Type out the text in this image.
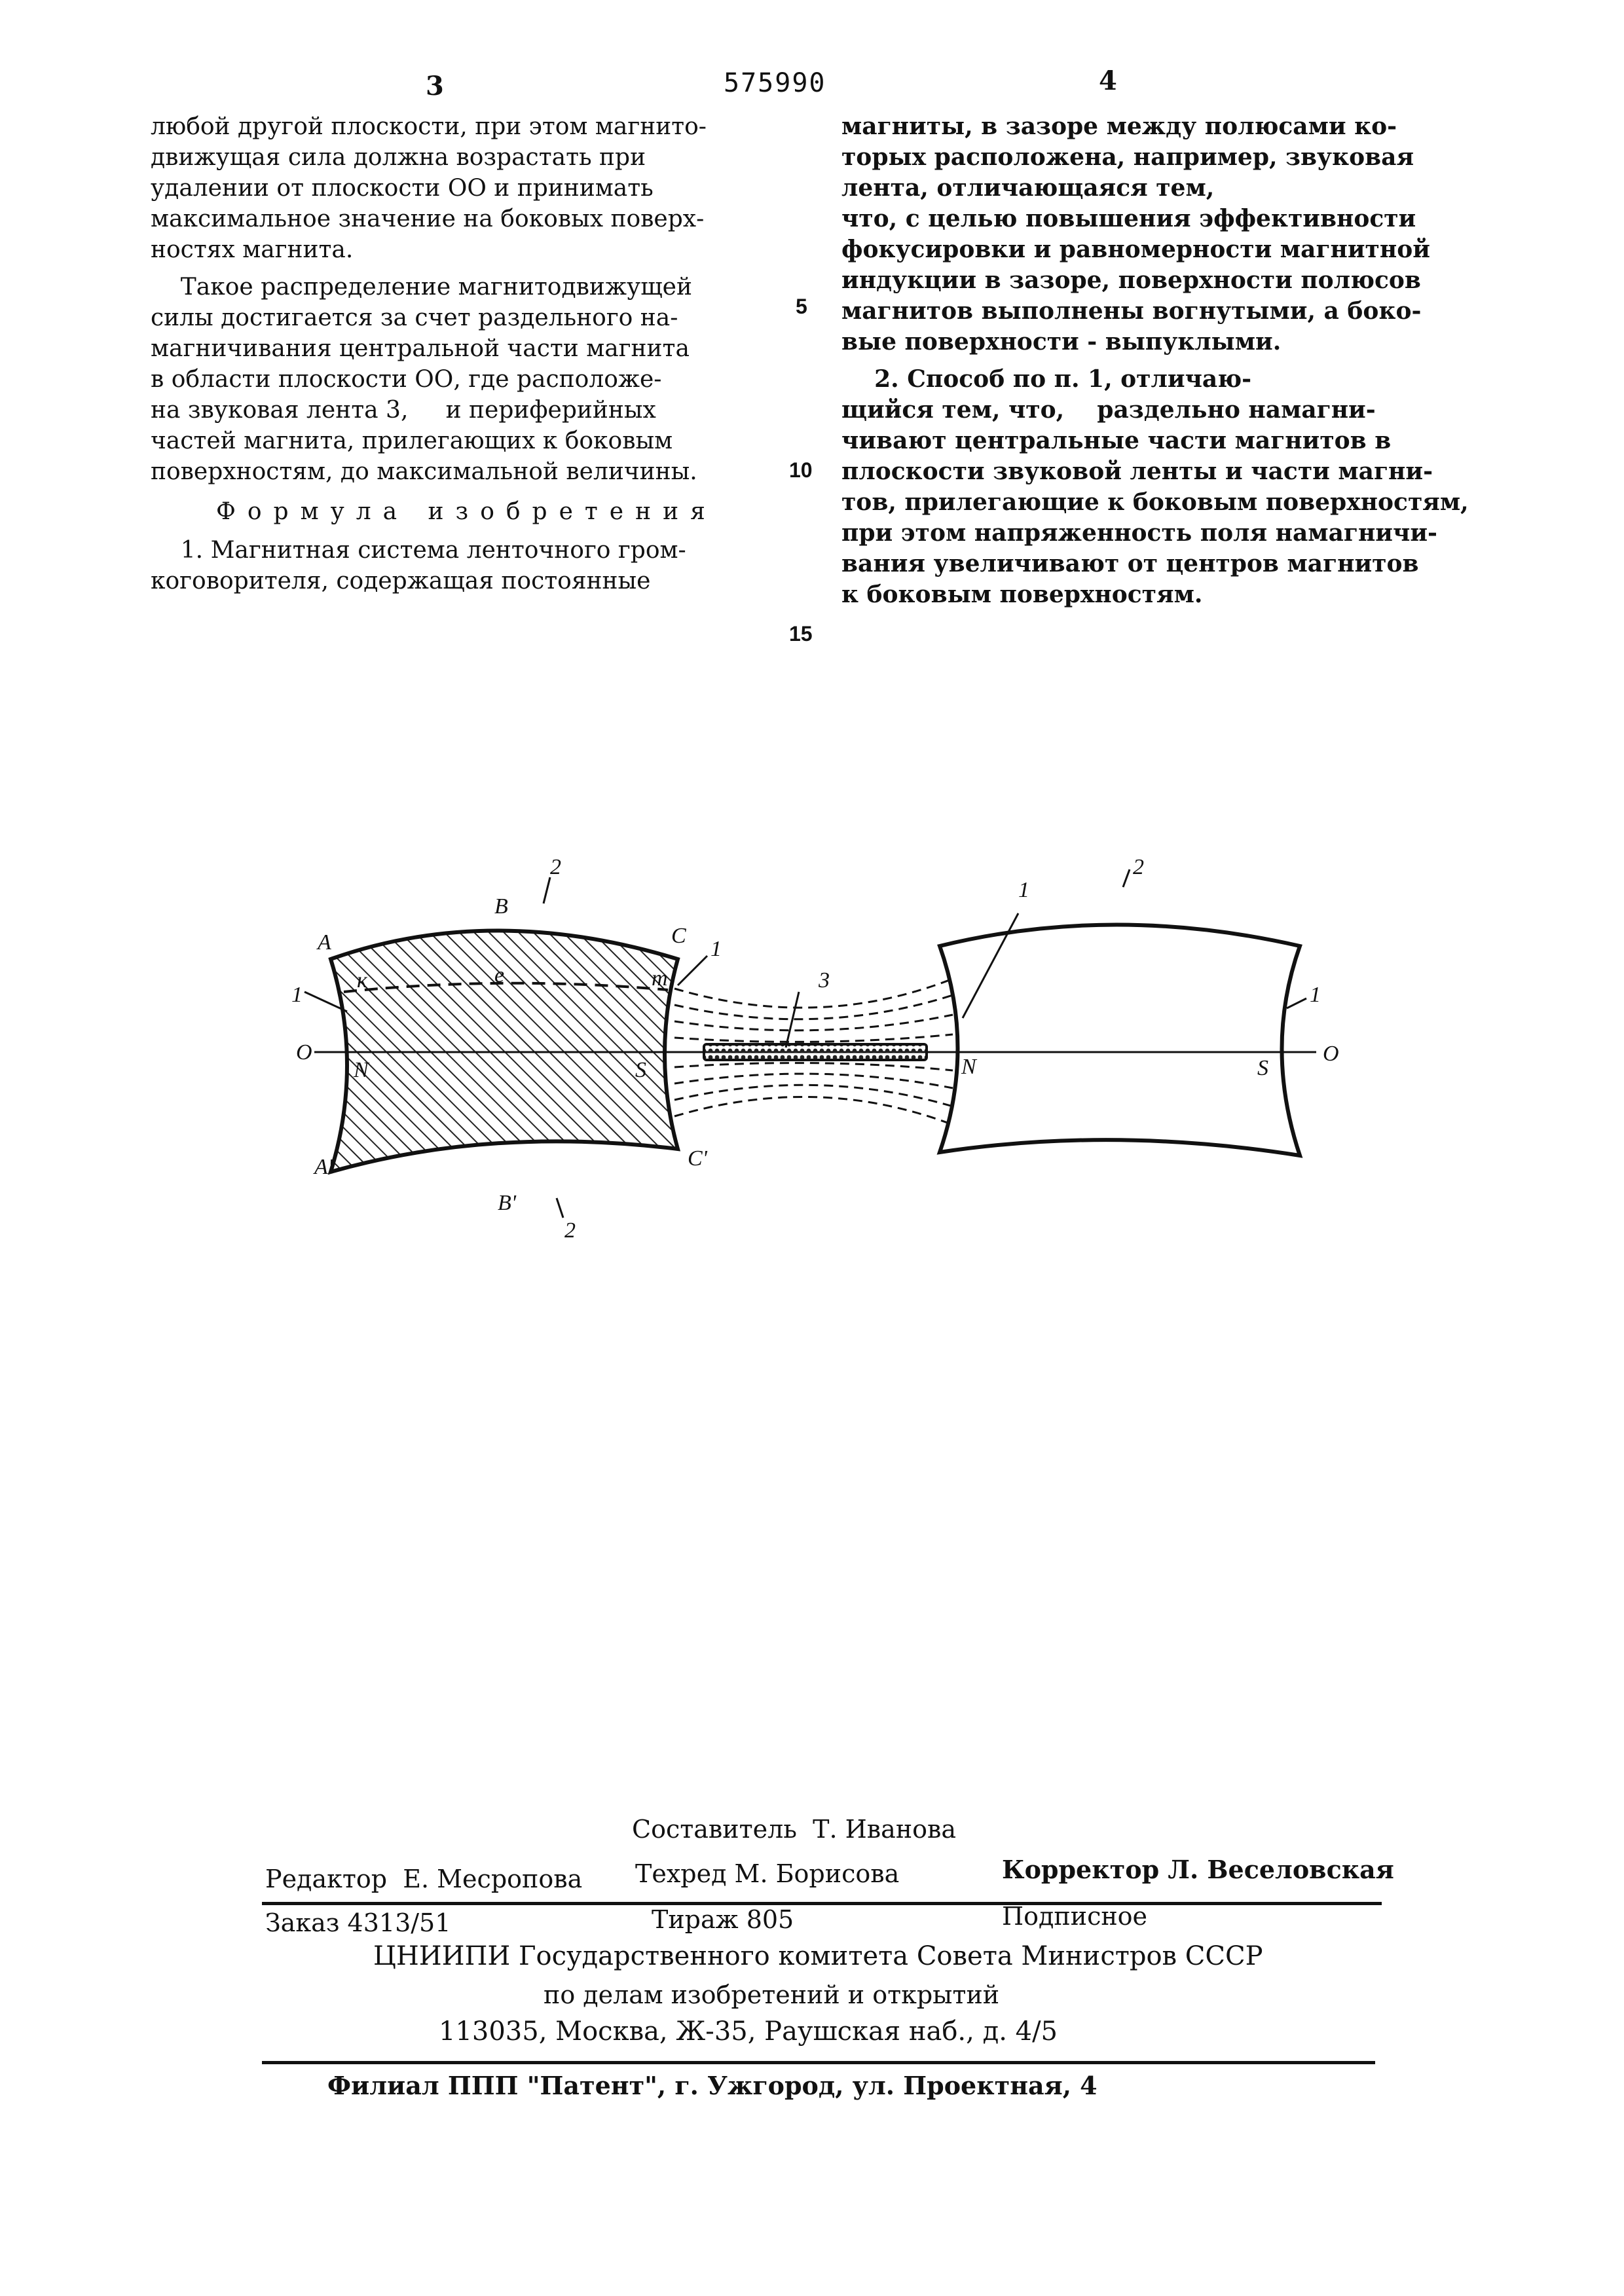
3	575990	4

любой другой плоскости, при этом магнито-

движущая сила должна возрастать при

удалении от плоскости ОО и принимать

максимальное значение на боковых поверх-

ностях магнита.

Такое распределение магнитодвижущей

силы достигается за счет раздельного на-

магничивания центральной части магнита

в области плоскости ОО, где расположе-

на звуковая лента 3,     и периферийных

частей магнита, прилегающих к боковым

поверхностям, до максимальной величины.

Формула изобретения

1. Магнитная система ленточного гром-

коговорителя, содержащая постоянные

5
10
15

магниты, в зазоре между полюсами ко-

торых расположена, например, звуковая

лента, отличающаяся тем,

что, с целью повышения эффективности

фокусировки и равномерности магнитной

индукции в зазоре, поверхности полюсов

магнитов выполнены вогнутыми, а боко-

вые поверхности - выпуклыми.

2. Способ по п. 1, отличаю-

щийся тем, что,    раздельно намагни-

чивают центральные части магнитов в

плоскости звуковой ленты и части магни-

тов, прилегающие к боковым поверхностям,

при этом напряженность поля намагничи-

вания увеличивают от центров магнитов

к боковым поверхностям.

A
B
2
C
1
к	e	m
1
O
N	S
3
A'	C'
B'
2
1
2
N	S
1
O
Составитель  Т. Иванова
Редактор  Е. Месропова Техред М. Борисова	Корректор Л. Веселовская
Заказ 4313/51	Тираж 805	Подписное
ЦНИИПИ Государственного комитета Совета Министров СССР
по делам изобретений и открытий
113035, Москва, Ж-35, Раушская наб., д. 4/5
Филиал ППП "Патент", г. Ужгород, ул. Проектная, 4
